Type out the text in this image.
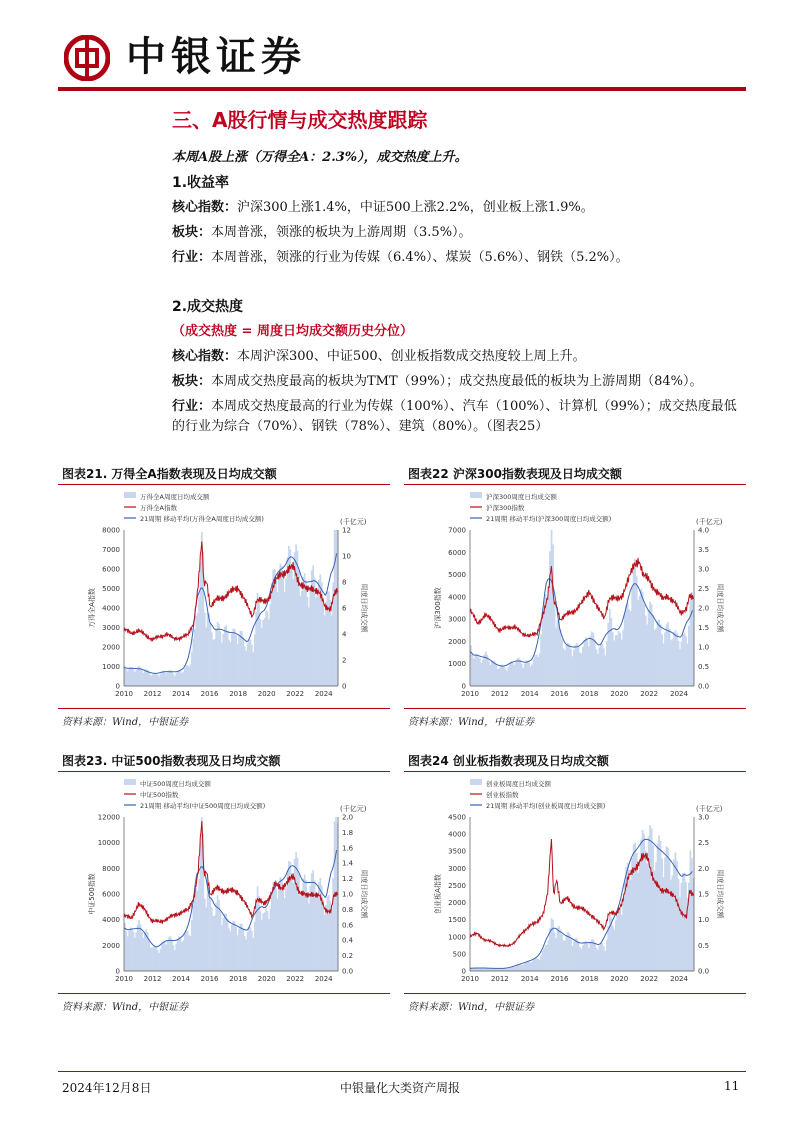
中银证券
三、A股行情与成交热度跟踪
本周A股上涨（万得全A：2.3%），成交热度上升。
1.收益率
核心指数：沪深300上涨1.4%，中证500上涨2.2%，创业板上涨1.9%。
板块：本周普涨，领涨的板块为上游周期（3.5%）。
行业：本周普涨，领涨的行业为传媒（6.4%）、煤炭（5.6%）、钢铁（5.2%）。
2.成交热度
（成交热度 = 周度日均成交额历史分位）
核心指数：本周沪深300、中证500、创业板指数成交热度较上周上升。
板块：本周成交热度最高的板块为TMT（99%）；成交热度最低的板块为上游周期（84%）。
行业：本周成交热度最高的行业为传媒（100%）、汽车（100%）、计算机（99%）；成交热度最低的行业为综合（70%）、钢铁（78%）、建筑（80%）。（图表25）
图表21. 万得全A指数表现及日均成交额
万得全A周度日均成交额
万得全A指数
21周期 移动平均(万得全A周度日均成交额)	(千亿元)
0
1000
2000
3000
4000
5000
6000
7000
8000
0
2
4
6
8
10
12
2010 2012 2014 2016 2018 2020 2022 2024
万得全A指数	周度日均成交额
资料来源：Wind，中银证券
图表22 沪深300指数表现及日均成交额
沪深300周度日均成交额
沪深300指数
21周期 移动平均(沪深300周度日均成交额)	(千亿元)
0
1000
2000
3000
4000
5000
6000
7000
0.0
0.5
1.0
1.5
2.0
2.5
3.0
3.5
4.0
2010 2012 2014 2016 2018 2020 2022 2024
沪深300指数	周度日均成交额
资料来源：Wind，中银证券
图表23. 中证500指数表现及日均成交额
中证500周度日均成交额
中证500指数
21周期 移动平均(中证500周度日均成交额)	(千亿元)
0
2000
4000
6000
8000
10000
12000
0.0
0.2
0.4
0.6
0.8
1.0
1.2
1.4
1.6
1.8
2.0
2010 2012 2014 2016 2018 2020 2022 2024
中证500指数	周度日均成交额
资料来源：Wind，中银证券
图表24 创业板指数表现及日均成交额
创业板周度日均成交额
创业板指数
21周期 移动平均(创业板周度日均成交额)	(千亿元)
0
500
1000
1500
2000
2500
3000
3500
4000
4500
0.0
0.5
1.0
1.5
2.0
2.5
3.0
2010 2012 2014 2016 2018 2020 2022 2024
创业板A指数	周度日均成交额
资料来源：Wind，中银证券
2024年12月8日	中银量化大类资产周报	11
